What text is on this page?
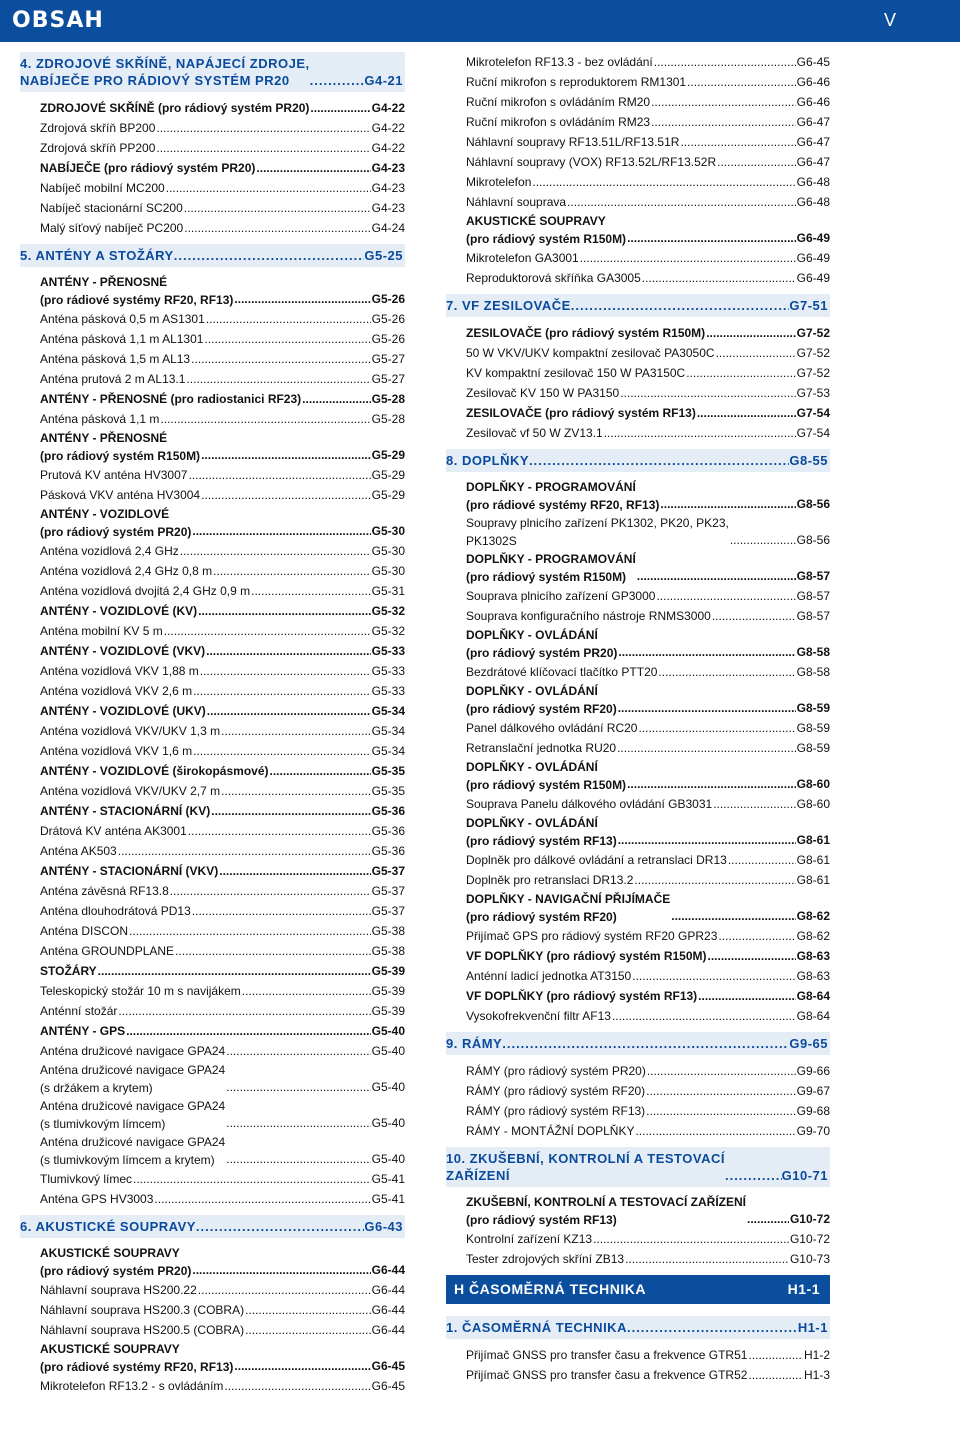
OBSAH	V
4. ZDROJOVÉ SKŘÍNĚ, NAPÁJECÍ ZDROJE,
NABÍJEČE PRO RÁDIOVÝ SYSTÉM PR20 .....	G4-21
ZDROJOVÉ SKŘÍNĚ (pro rádiový systém PR20) .....	G4-22
Zdrojová skříň BP200 .....	G4-22
Zdrojová skříň PP200 .....	G4-22
NABÍJEČE (pro rádiový systém PR20) .....	G4-23
Nabíječ mobilní MC200 .....	G4-23
Nabíječ stacionární SC200 .....	G4-23
Malý síťový nabíječ PC200 .....	G4-24
5. ANTÉNY A STOŽÁRY .....	G5-25
ANTÉNY - PŘENOSNÉ
(pro rádiové systémy RF20, RF13) .....	G5-26
Anténa pásková 0,5 m AS1301 .....	G5-26
Anténa pásková 1,1 m AL1301 .....	G5-26
Anténa pásková 1,5 m AL13 .....	G5-27
Anténa prutová 2 m AL13.1 .....	G5-27
ANTÉNY - PŘENOSNÉ (pro radiostanici RF23) .....	G5-28
Anténa pásková 1,1 m .....	G5-28
ANTÉNY - PŘENOSNÉ
(pro rádiový systém R150M) .....	G5-29
Prutová KV anténa HV3007 .....	G5-29
Pásková VKV anténa HV3004 .....	G5-29
ANTÉNY - VOZIDLOVÉ
(pro rádiový systém PR20) .....	G5-30
Anténa vozidlová 2,4 GHz .....	G5-30
Anténa vozidlová 2,4 GHz 0,8 m .....	G5-30
Anténa vozidlová dvojitá 2,4 GHz 0,9 m .....	G5-31
ANTÉNY - VOZIDLOVÉ (KV) .....	G5-32
Anténa mobilní KV 5 m .....	G5-32
ANTÉNY - VOZIDLOVÉ (VKV) .....	G5-33
Anténa vozidlová VKV 1,88 m .....	G5-33
Anténa vozidlová VKV 2,6 m .....	G5-33
ANTÉNY - VOZIDLOVÉ (UKV) .....	G5-34
Anténa vozidlová VKV/UKV 1,3 m .....	G5-34
Anténa vozidlová VKV 1,6 m .....	G5-34
ANTÉNY - VOZIDLOVÉ (širokopásmové) .....	G5-35
Anténa vozidlová VKV/UKV 2,7 m .....	G5-35
ANTÉNY - STACIONÁRNÍ (KV) .....	G5-36
Drátová KV anténa AK3001 .....	G5-36
Anténa AK503 .....	G5-36
ANTÉNY - STACIONÁRNÍ (VKV) .....	G5-37
Anténa závěsná RF13.8 .....	G5-37
Anténa dlouhodrátová PD13 .....	G5-37
Anténa DISCON .....	G5-38
Anténa GROUNDPLANE .....	G5-38
STOŽÁRY .....	G5-39
Teleskopický stožár 10 m s navijákem .....	G5-39
Anténní stožár .....	G5-39
ANTÉNY - GPS .....	G5-40
Anténa družicové navigace GPA24 .....	G5-40
Anténa družicové navigace GPA24
(s držákem a krytem) .....	G5-40
Anténa družicové navigace GPA24
(s tlumivkovým límcem) .....	G5-40
Anténa družicové navigace GPA24
(s tlumivkovým límcem a krytem) .....	G5-40
Tlumivkový límec .....	G5-41
Anténa GPS HV3003 .....	G5-41
6. AKUSTICKÉ SOUPRAVY .....	G6-43
AKUSTICKÉ SOUPRAVY
(pro rádiový systém PR20) .....	G6-44
Náhlavní souprava HS200.22 .....	G6-44
Náhlavní souprava HS200.3 (COBRA) .....	G6-44
Náhlavní souprava HS200.5 (COBRA) .....	G6-44
AKUSTICKÉ SOUPRAVY
(pro rádiové systémy RF20, RF13) .....	G6-45
Mikrotelefon RF13.2 - s ovládáním .....	G6-45
Mikrotelefon RF13.3 - bez ovládání .....	G6-45
Ruční mikrofon s reproduktorem RM1301 .....	G6-46
Ruční mikrofon s ovládáním RM20 .....	G6-46
Ruční mikrofon s ovládáním RM23 .....	G6-47
Náhlavní soupravy RF13.51L/RF13.51R .....	G6-47
Náhlavní soupravy (VOX) RF13.52L/RF13.52R .....	G6-47
Mikrotelefon .....	G6-48
Náhlavní souprava .....	G6-48
AKUSTICKÉ SOUPRAVY
(pro rádiový systém R150M) .....	G6-49
Mikrotelefon GA3001 .....	G6-49
Reproduktorová skříňka GA3005 .....	G6-49
7. VF ZESILOVAČE .....	G7-51
ZESILOVAČE (pro rádiový systém R150M) .....	G7-52
50 W VKV/UKV kompaktní zesilovač PA3050C .....	G7-52
KV kompaktní zesilovač 150 W PA3150C .....	G7-52
Zesilovač KV 150 W PA3150 .....	G7-53
ZESILOVAČE (pro rádiový systém RF13) .....	G7-54
Zesilovač vf 50 W ZV13.1 .....	G7-54
8. DOPLŇKY .....	G8-55
DOPLŇKY - PROGRAMOVÁNÍ
(pro rádiové systémy RF20, RF13) .....	G8-56
Soupravy plnicího zařízení PK1302, PK20, PK23,
PK1302S .....	G8-56
DOPLŇKY - PROGRAMOVÁNÍ
(pro rádiový systém R150M) .....	G8-57
Souprava plnicího zařízení GP3000 .....	G8-57
Souprava konfiguračního nástroje RNMS3000 .....	G8-57
DOPLŇKY - OVLÁDÁNÍ
(pro rádiový systém PR20) .....	G8-58
Bezdrátové klíčovací tlačítko PTT20 .....	G8-58
DOPLŇKY - OVLÁDÁNÍ
(pro rádiový systém RF20) .....	G8-59
Panel dálkového ovládání RC20 .....	G8-59
Retranslační jednotka RU20 .....	G8-59
DOPLŇKY - OVLÁDÁNÍ
(pro rádiový systém R150M) .....	G8-60
Souprava Panelu dálkového ovládání GB3031 .....	G8-60
DOPLŇKY - OVLÁDÁNÍ
(pro rádiový systém RF13) .....	G8-61
Doplněk pro dálkové ovládání a retranslaci DR13 .....	G8-61
Doplněk pro retranslaci DR13.2 .....	G8-61
DOPLŇKY - NAVIGAČNÍ PŘIJÍMAČE
(pro rádiový systém RF20) .....	G8-62
Přijímač GPS pro rádiový systém RF20 GPR23 .....	G8-62
VF DOPLŇKY (pro rádiový systém R150M) .....	G8-63
Anténní ladicí jednotka AT3150 .....	G8-63
VF DOPLŇKY (pro rádiový systém RF13) .....	G8-64
Vysokofrekvenční filtr AF13 .....	G8-64
9. RÁMY .....	G9-65
RÁMY (pro rádiový systém PR20) .....	G9-66
RÁMY (pro rádiový systém RF20) .....	G9-67
RÁMY (pro rádiový systém RF13) .....	G9-68
RÁMY - MONTÁŽNÍ DOPLŇKY .....	G9-70
10. ZKUŠEBNÍ, KONTROLNÍ A TESTOVACÍ
ZAŘÍZENÍ .....	G10-71
ZKUŠEBNÍ, KONTROLNÍ A TESTOVACÍ ZAŘÍZENÍ
(pro rádiový systém RF13) .....	G10-72
Kontrolní zařízení KZ13 .....	G10-72
Tester zdrojových skříní ZB13 .....	G10-73
H ČASOMĚRNÁ TECHNIKA	H1-1
1. ČASOMĚRNÁ TECHNIKA .....	H1-1
Přijímač GNSS pro transfer času a frekvence GTR51 .....	H1-2
Přijímač GNSS pro transfer času a frekvence GTR52 .....	H1-3
